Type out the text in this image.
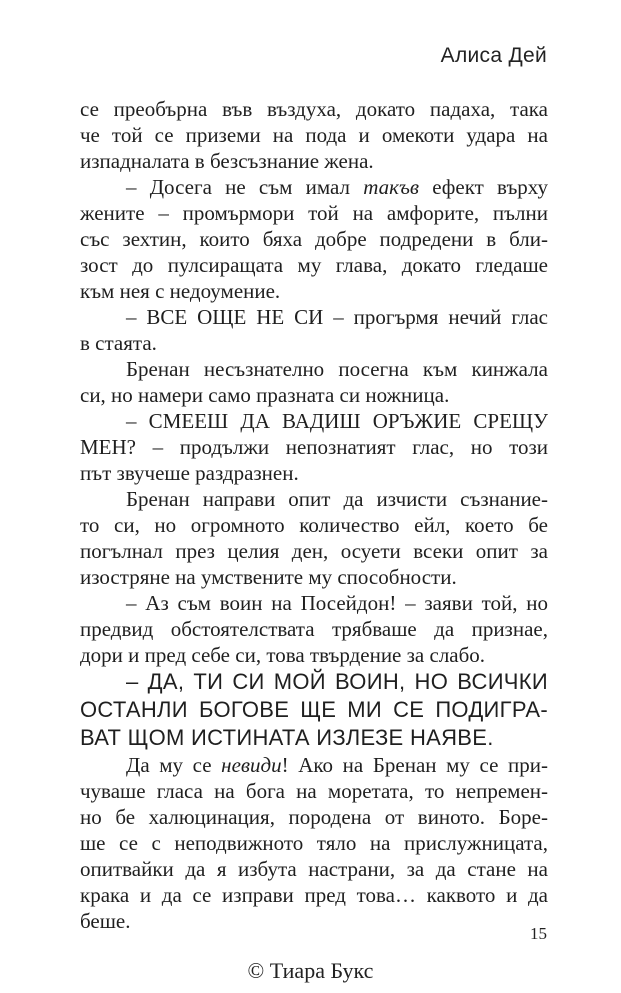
Алиса Дей
се преобърна във въздуха, докато падаха, така
че той се приземи на пода и омекоти удара на
изпадналата в безсъзнание жена.
– Досега не съм имал такъв ефект върху
жените – промърмори той на амфорите, пълни
със зехтин, които бяха добре подредени в бли-
зост до пулсиращата му глава, докато гледаше
към нея с недоумение.
– ВСЕ ОЩЕ НЕ СИ – прогърмя нечий глас
в стаята.
Бренан несъзнателно посегна към кинжала
си, но намери само празната си ножница.
– СМЕЕШ ДА ВАДИШ ОРЪЖИЕ СРЕЩУ
МЕН? – продължи непознатият глас, но този
път звучеше раздразнен.
Бренан направи опит да изчисти съзнание-
то си, но огромното количество ейл, което бе
погълнал през целия ден, осуети всеки опит за
изостряне на умствените му способности.
– Аз съм воин на Посейдон! – заяви той, но
предвид обстоятелствата трябваше да признае,
дори и пред себе си, това твърдение за слабо.
– ДА, ТИ СИ МОЙ ВОИН, НО ВСИЧКИ
ОСТАНЛИ БОГОВЕ ЩЕ МИ СЕ ПОДИГРА-
ВАТ ЩОМ ИСТИНАТА ИЗЛЕЗЕ НАЯВЕ.
Да му се невиди! Ако на Бренан му се при-
чуваше гласа на бога на моретата, то непремен-
но бе халюцинация, породена от виното. Боре-
ше се с неподвижното тяло на прислужницата,
опитвайки да я избута настрани, за да стане на
крака и да се изправи пред това… каквото и да
беше.
15
© Тиара Букс
